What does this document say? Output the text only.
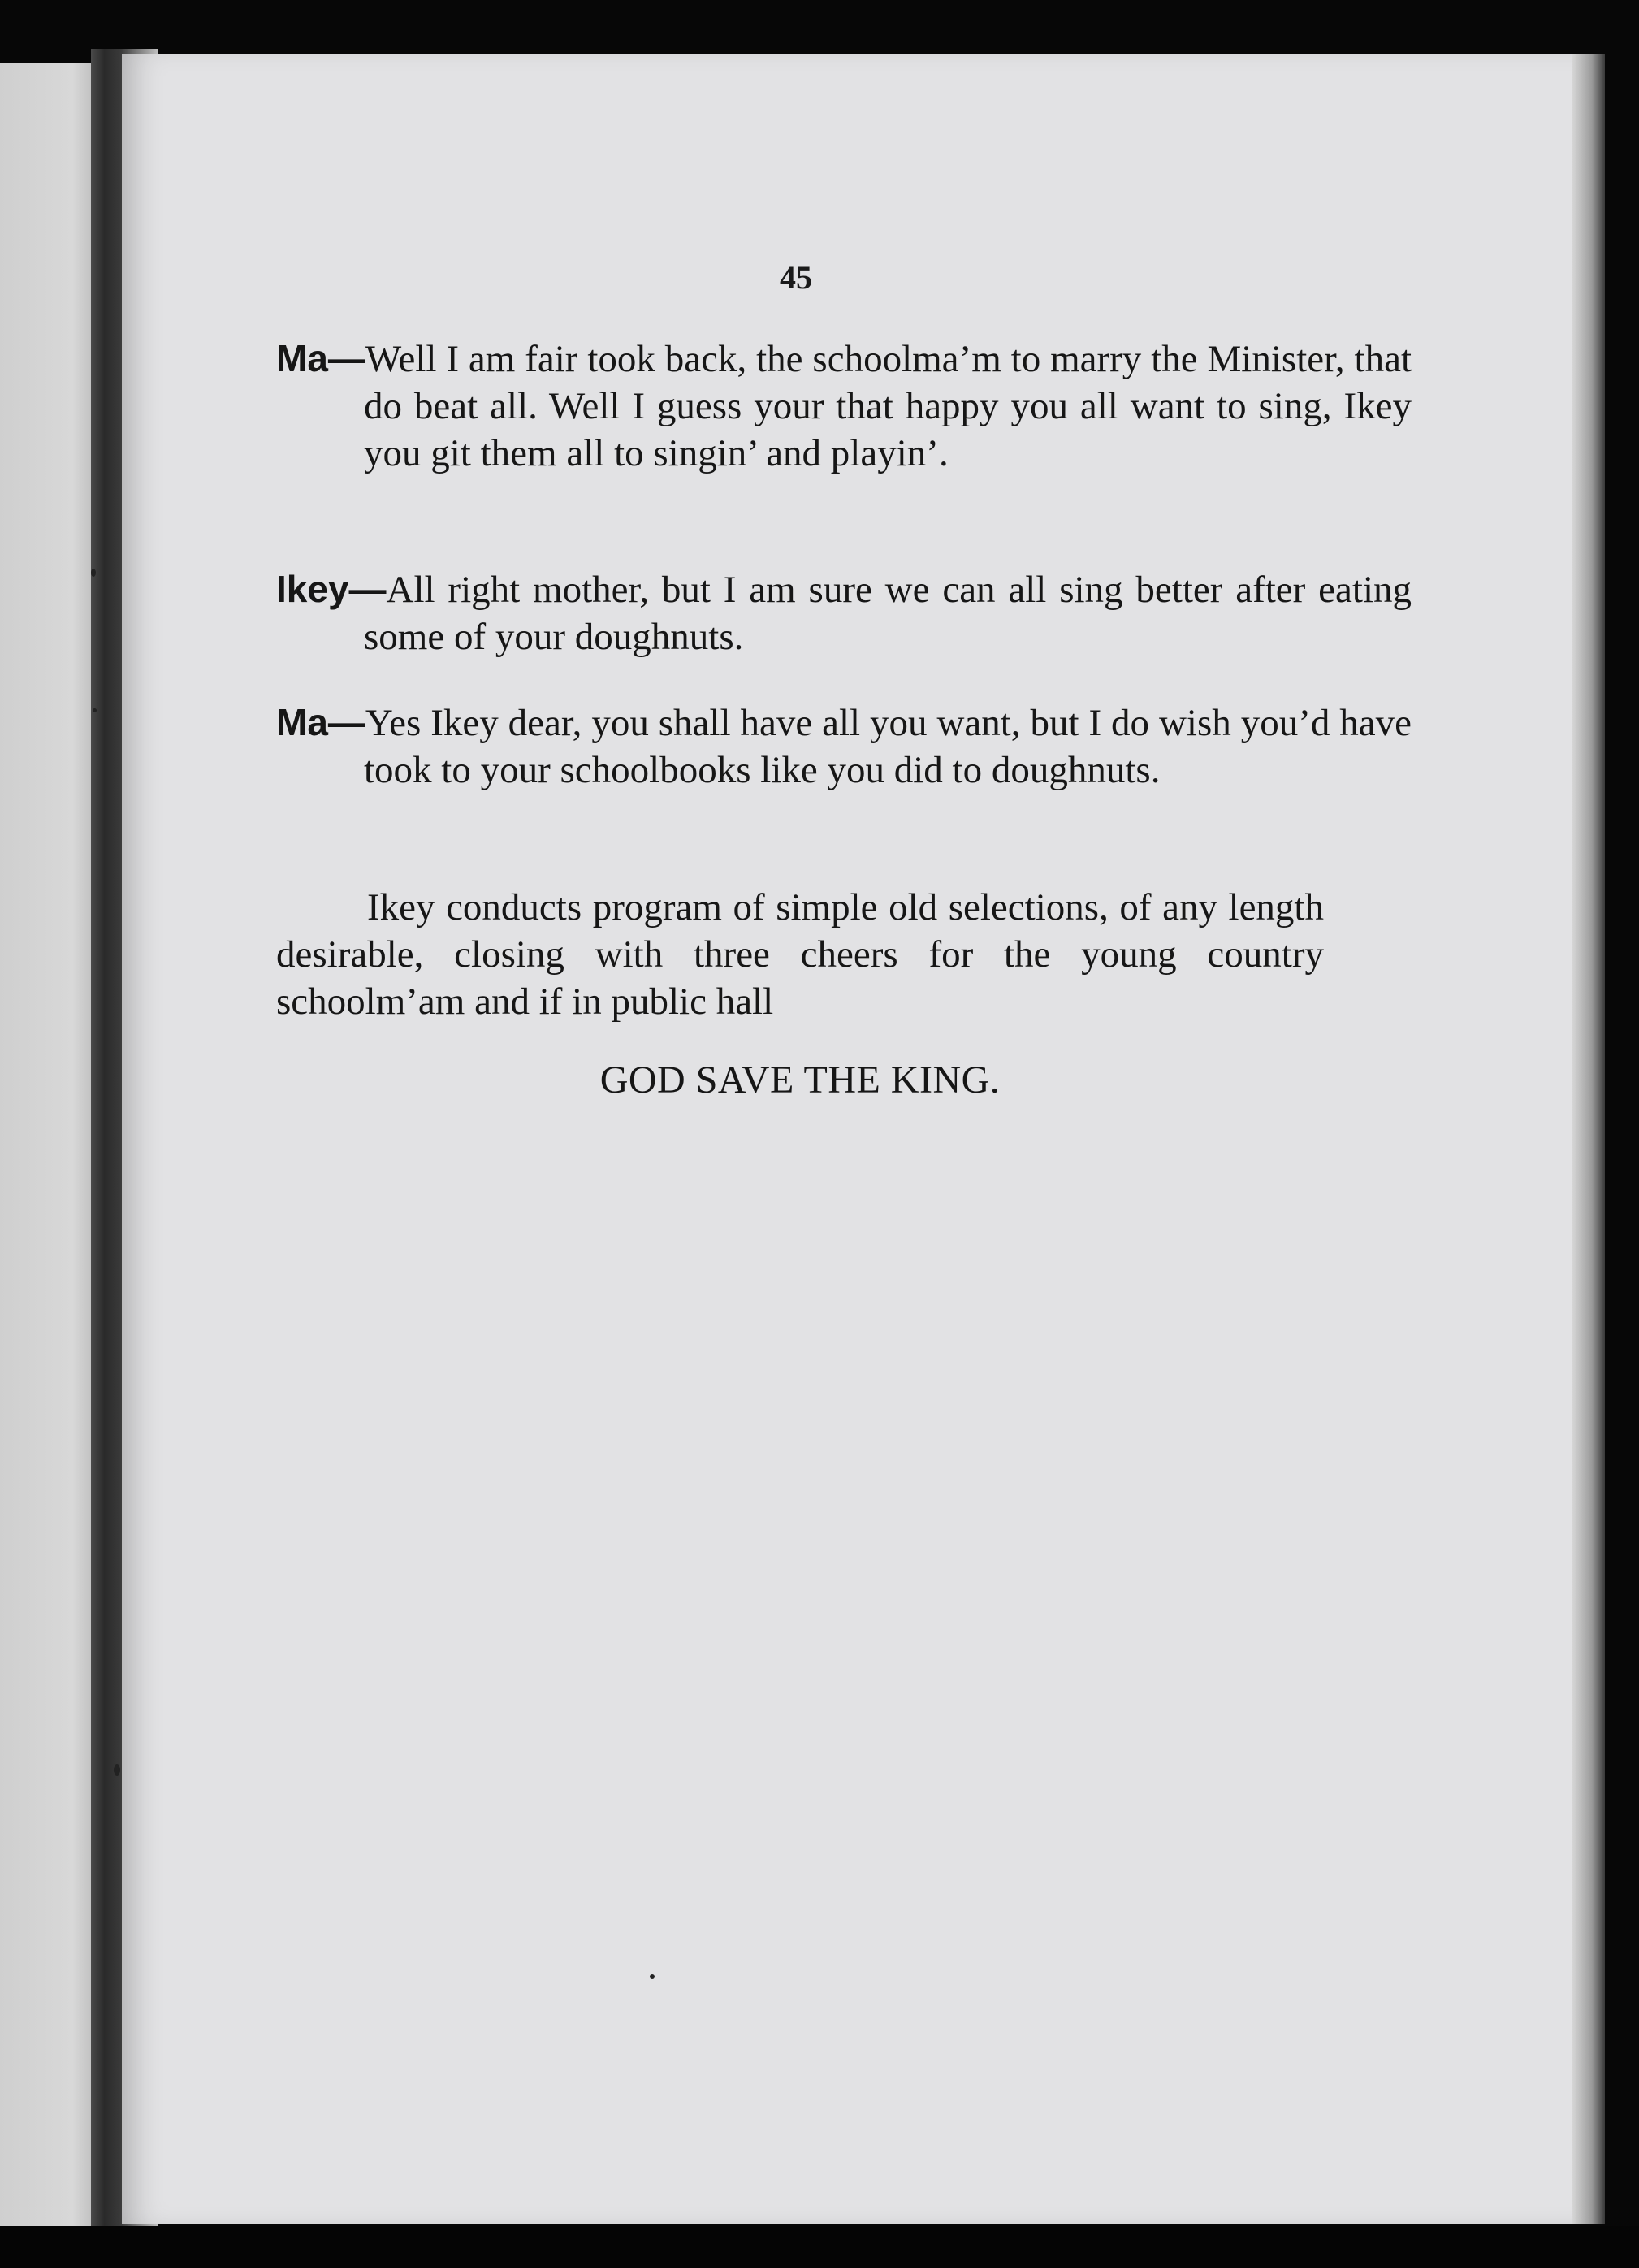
45

Ma—Well I am fair took back, the schoolma’m to marry the Minister, that do beat all. Well I guess your that happy you all want to sing, Ikey you git them all to singin’ and playin’.

Ikey—All right mother, but I am sure we can all sing better after eating some of your doughnuts.

Ma—Yes Ikey dear, you shall have all you want, but I do wish you’d have took to your schoolbooks like you did to doughnuts.

Ikey conducts program of simple old selections, of any length desirable, closing with three cheers for the young country schoolm’am and if in public hall

GOD SAVE THE KING.
